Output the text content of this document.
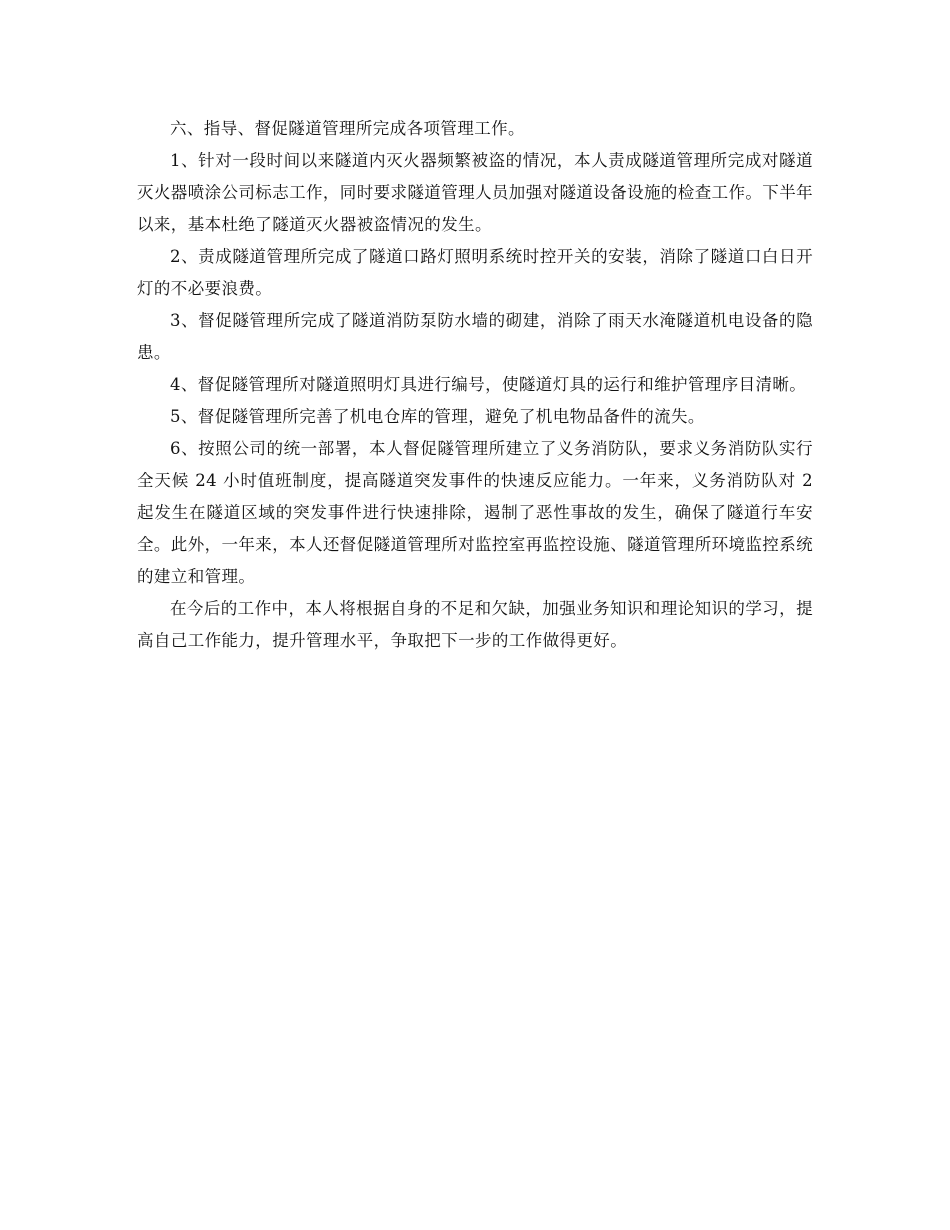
六、指导、督促隧道管理所完成各项管理工作。

1、针对一段时间以来隧道内灭火器频繁被盗的情况，本人责成隧道管理所完成对隧道灭火器喷涂公司标志工作，同时要求隧道管理人员加强对隧道设备设施的检查工作。下半年以来，基本杜绝了隧道灭火器被盗情况的发生。

2、责成隧道管理所完成了隧道口路灯照明系统时控开关的安装，消除了隧道口白日开灯的不必要浪费。

3、督促隧管理所完成了隧道消防泵防水墙的砌建，消除了雨天水淹隧道机电设备的隐患。

4、督促隧管理所对隧道照明灯具进行编号，使隧道灯具的运行和维护管理序目清晰。

5、督促隧管理所完善了机电仓库的管理，避免了机电物品备件的流失。

6、按照公司的统一部署，本人督促隧管理所建立了义务消防队，要求义务消防队实行全天候 24 小时值班制度，提高隧道突发事件的快速反应能力。一年来，义务消防队对 2 起发生在隧道区域的突发事件进行快速排除，遏制了恶性事故的发生，确保了隧道行车安全。此外，一年来，本人还督促隧道管理所对监控室再监控设施、隧道管理所环境监控系统的建立和管理。

在今后的工作中，本人将根据自身的不足和欠缺，加强业务知识和理论知识的学习，提高自己工作能力，提升管理水平，争取把下一步的工作做得更好。
